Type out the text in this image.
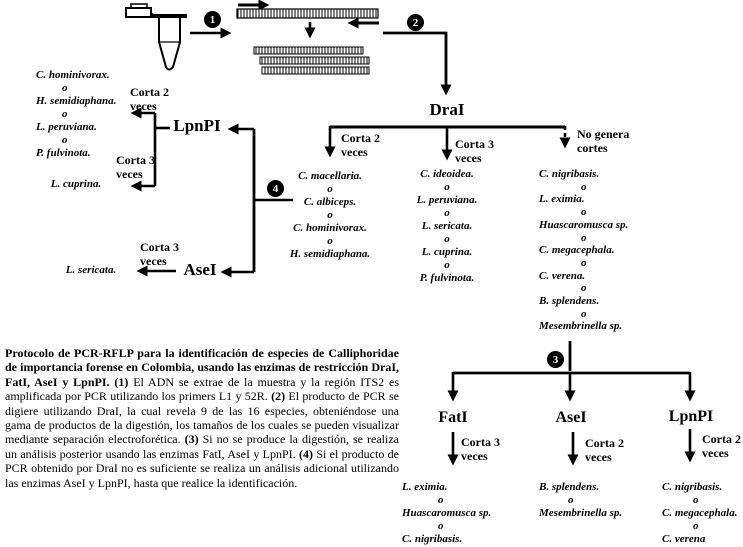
1	2
3
4
DraI
LpnPI
AseI
FatI	AseI	LpnPI
Corta 2 veces
Corta 3 veces
No genera cortes
Corta 2 veces
Corta 3 veces
Corta 3 veces
Corta 3 veces
Corta 2 veces
Corta 2 veces
C. hominivorax.
o
H. semidiaphana.
o
L. peruviana.
o
P. fulvinota.
L. cuprina.
L. sericata.
C. macellaria.
o
C. albiceps.
o
C. hominivorax.
o
H. semidiaphana.
C. ideoidea.
o
L. peruviana.
o
L. sericata.
o
L. cuprina.
o
P. fulvinota.
C. nigribasis.
o
L. eximia.
o
Huascaromusca sp.
o
C. megacephala.
o
C. verena.
o
B. splendens.
o
Mesembrinella sp.
L. eximia.
o
Huascaromusca sp.
o
C. nigribasis.
B. splendens.
o
Mesembrinella sp.
C. nigribasis.
o
C. megacephala.
o
C. verena
Protocolo de PCR-RFLP para la identificación de especies de Calliphoridae de importancia forense en Colombia, usando las enzimas de restricción DraI, FatI, AseI y LpnPI. (1) El ADN se extrae de la muestra y la región ITS2 es amplificada por PCR utilizando los primers L1 y 52R. (2) El producto de PCR se digiere utilizando DraI, la cual revela 9 de las 16 especies, obteniéndose una gama de productos de la digestión, los tamaños de los cuales se pueden visualizar mediante separación electroforética. (3) Si no se produce la digestión, se realiza un análisis posterior usando las enzimas FatI, AseI y LpnPI. (4) Si el producto de PCR obtenido por DraI no es suficiente se realiza un análisis adicional utilizando las enzimas AseI y LpnPI, hasta que realice la identificación.
